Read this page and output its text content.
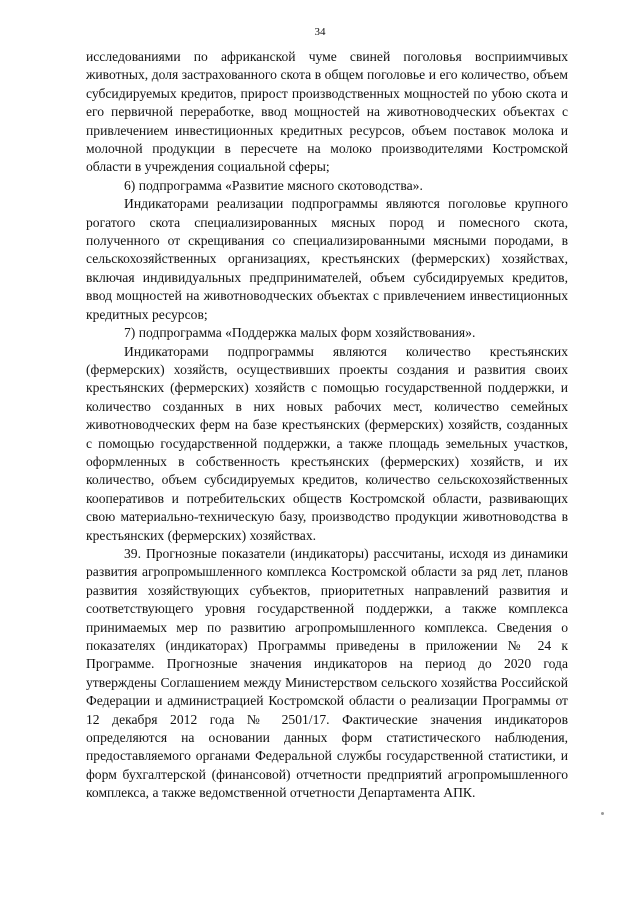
34

исследованиями по африканской чуме свиней поголовья восприимчивых животных, доля застрахованного скота в общем поголовье и его количество, объем субсидируемых кредитов, прирост производственных мощностей по убою скота и его первичной переработке, ввод мощностей на животноводческих объектах с привлечением инвестиционных кредитных ресурсов, объем поставок молока и молочной продукции в пересчете на молоко производителями Костромской области в учреждения социальной сферы;

6) подпрограмма «Развитие мясного скотоводства».

Индикаторами реализации подпрограммы являются поголовье крупного рогатого скота специализированных мясных пород и помесного скота, полученного от скрещивания со специализированными мясными породами, в сельскохозяйственных организациях, крестьянских (фермерских) хозяйствах, включая индивидуальных предпринимателей, объем субсидируемых кредитов, ввод мощностей на животноводческих объектах с привлечением инвестиционных кредитных ресурсов;

7) подпрограмма «Поддержка малых форм хозяйствования».

Индикаторами подпрограммы являются количество крестьянских (фермерских) хозяйств, осуществивших проекты создания и развития своих крестьянских (фермерских) хозяйств с помощью государственной поддержки, и количество созданных в них новых рабочих мест, количество семейных животноводческих ферм на базе крестьянских (фермерских) хозяйств, созданных с помощью государственной поддержки, а также площадь земельных участков, оформленных в собственность крестьянских (фермерских) хозяйств, и их количество, объем субсидируемых кредитов, количество сельскохозяйственных кооперативов и потребительских обществ Костромской области, развивающих свою материально-техническую базу, производство продукции животноводства в крестьянских (фермерских) хозяйствах.

39. Прогнозные показатели (индикаторы) рассчитаны, исходя из динамики развития агропромышленного комплекса Костромской области за ряд лет, планов развития хозяйствующих субъектов, приоритетных направлений развития и соответствующего уровня государственной поддержки, а также комплекса принимаемых мер по развитию агропромышленного комплекса. Сведения о показателях (индикаторах) Программы приведены в приложении № 24 к Программе. Прогнозные значения индикаторов на период до 2020 года утверждены Соглашением между Министерством сельского хозяйства Российской Федерации и администрацией Костромской области о реализации Программы от 12 декабря 2012 года № 2501/17. Фактические значения индикаторов определяются на основании данных форм статистического наблюдения, предоставляемого органами Федеральной службы государственной статистики, и форм бухгалтерской (финансовой) отчетности предприятий агропромышленного комплекса, а также ведомственной отчетности Департамента АПК.
